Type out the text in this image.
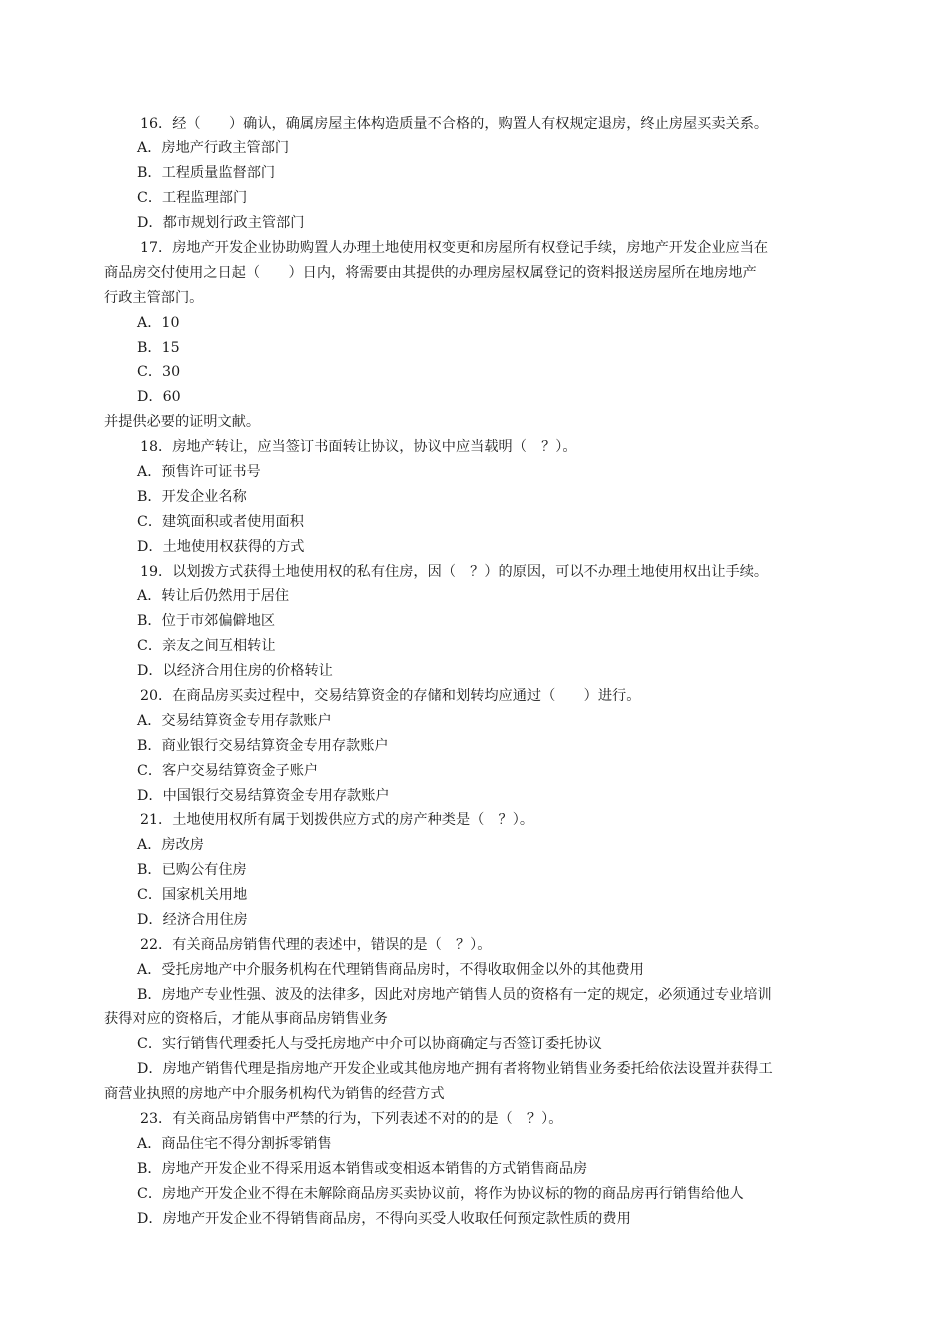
16．经（　　）确认，确属房屋主体构造质量不合格的，购置人有权规定退房，终止房屋买卖关系。
A．房地产行政主管部门
B．工程质量监督部门
C．工程监理部门
D．都市规划行政主管部门
17．房地产开发企业协助购置人办理土地使用权变更和房屋所有权登记手续，房地产开发企业应当在
商品房交付使用之日起（　　）日内，将需要由其提供的办理房屋权属登记的资料报送房屋所在地房地产
行政主管部门。
A．10
B．15
C．30
D．60
并提供必要的证明文献。
18．房地产转让，应当签订书面转让协议，协议中应当载明（　？）。
A．预售许可证书号
B．开发企业名称
C．建筑面积或者使用面积
D．土地使用权获得的方式
19．以划拨方式获得土地使用权的私有住房，因（　？）的原因，可以不办理土地使用权出让手续。
A．转让后仍然用于居住
B．位于市郊偏僻地区
C．亲友之间互相转让
D．以经济合用住房的价格转让
20．在商品房买卖过程中，交易结算资金的存储和划转均应通过（　　）进行。
A．交易结算资金专用存款账户
B．商业银行交易结算资金专用存款账户
C．客户交易结算资金子账户
D．中国银行交易结算资金专用存款账户
21．土地使用权所有属于划拨供应方式的房产种类是（　？）。
A．房改房
B．已购公有住房
C．国家机关用地
D．经济合用住房
22．有关商品房销售代理的表述中，错误的是（　？）。
A．受托房地产中介服务机构在代理销售商品房时，不得收取佣金以外的其他费用
B．房地产专业性强、波及的法律多，因此对房地产销售人员的资格有一定的规定，必须通过专业培训
获得对应的资格后，才能从事商品房销售业务
C．实行销售代理委托人与受托房地产中介可以协商确定与否签订委托协议
D．房地产销售代理是指房地产开发企业或其他房地产拥有者将物业销售业务委托给依法设置并获得工
商营业执照的房地产中介服务机构代为销售的经营方式
23．有关商品房销售中严禁的行为，下列表述不对的的是（　？）。
A．商品住宅不得分割拆零销售
B．房地产开发企业不得采用返本销售或变相返本销售的方式销售商品房
C．房地产开发企业不得在未解除商品房买卖协议前，将作为协议标的物的商品房再行销售给他人
D．房地产开发企业不得销售商品房，不得向买受人收取任何预定款性质的费用
